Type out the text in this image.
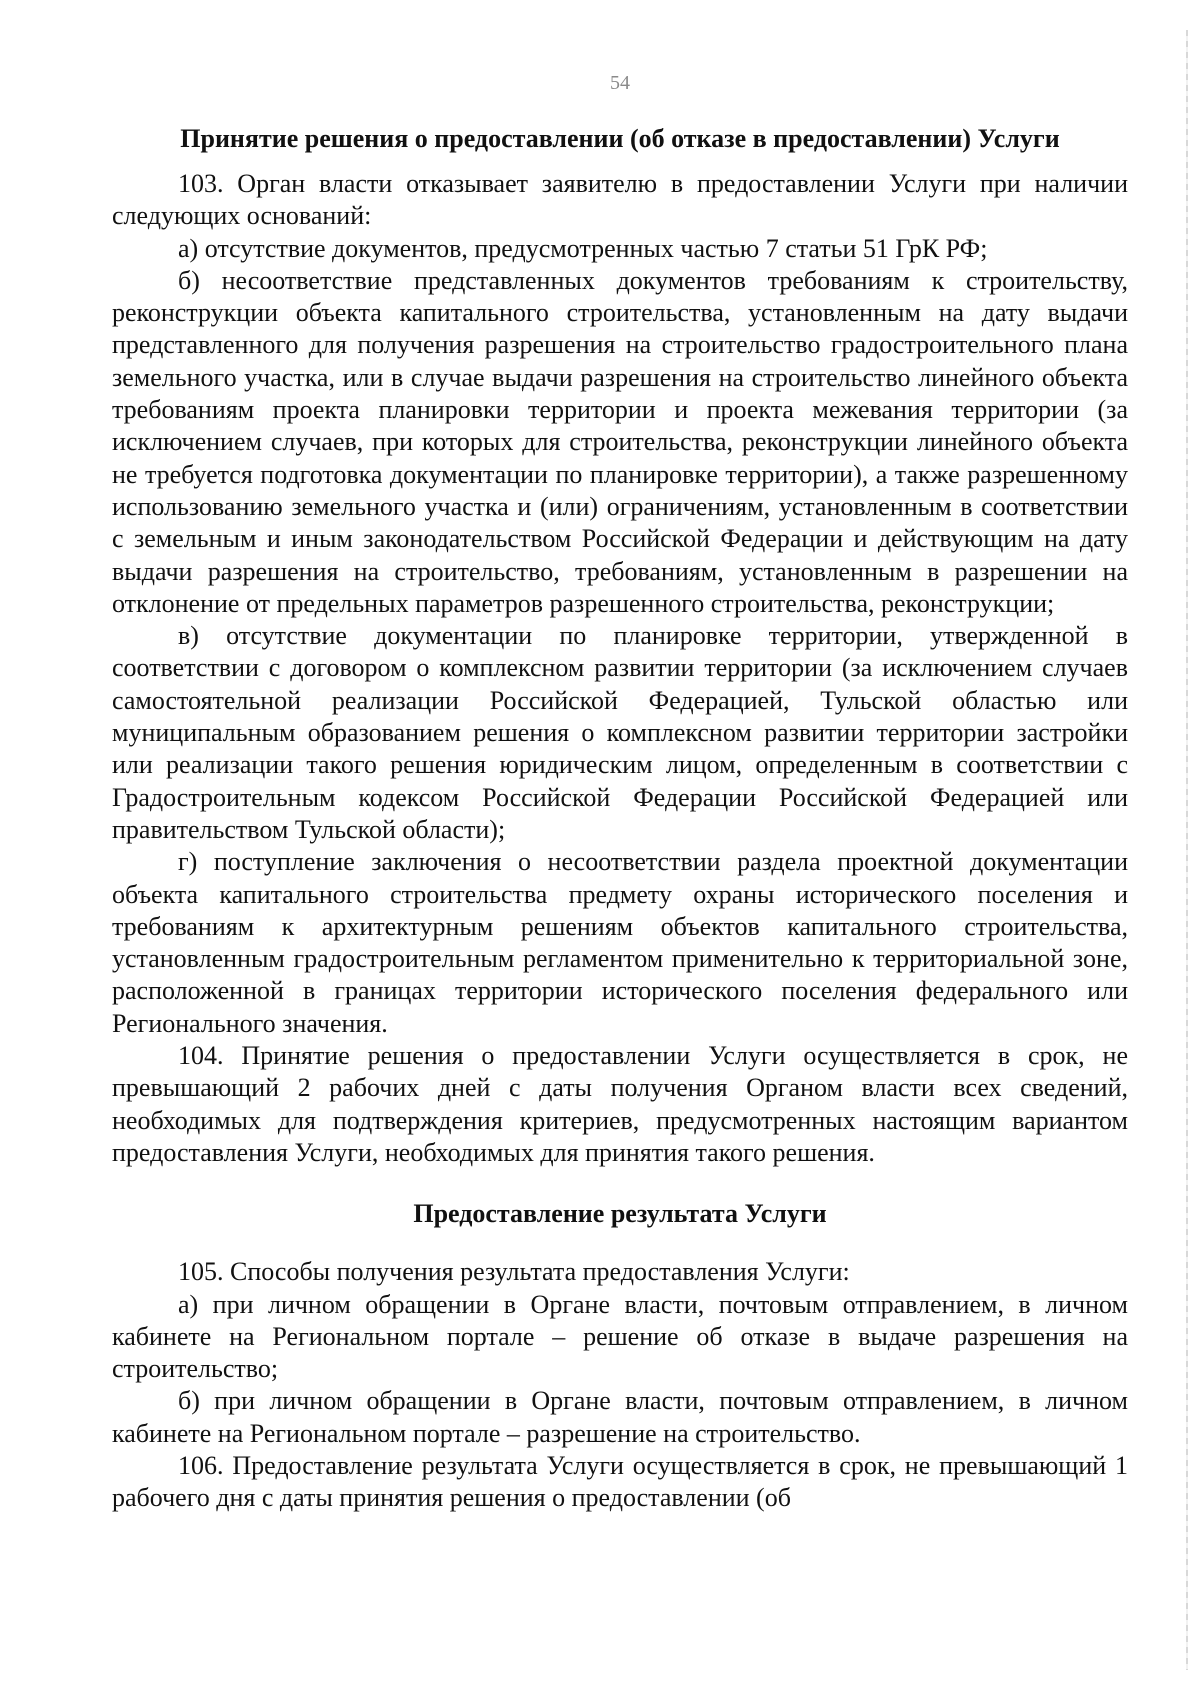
54
Принятие решения о предоставлении (об отказе в предоставлении) Услуги

103. Орган власти отказывает заявителю в предоставлении Услуги при наличии следующих оснований:

а) отсутствие документов, предусмотренных частью 7 статьи 51 ГрК РФ;

б) несоответствие представленных документов требованиям к строительству, реконструкции объекта капитального строительства, установленным на дату выдачи представленного для получения разрешения на строительство градостроительного плана земельного участка, или в случае выдачи разрешения на строительство линейного объекта требованиям проекта планировки территории и проекта межевания территории (за исключением случаев, при которых для строительства, реконструкции линейного объекта не требуется подготовка документации по планировке территории), а также разрешенному использованию земельного участка и (или) ограничениям, установленным в соответствии с земельным и иным законодательством Российской Федерации и действующим на дату выдачи разрешения на строительство, требованиям, установленным в разрешении на отклонение от предельных параметров разрешенного строительства, реконструкции;

в) отсутствие документации по планировке территории, утвержденной в соответствии с договором о комплексном развитии территории (за исключением случаев самостоятельной реализации Российской Федерацией, Тульской областью или муниципальным образованием решения о комплексном развитии территории застройки или реализации такого решения юридическим лицом, определенным в соответствии с Градостроительным кодексом Российской Федерации Российской Федерацией или правительством Тульской области);

г) поступление заключения о несоответствии раздела проектной документации объекта капитального строительства предмету охраны исторического поселения и требованиям к архитектурным решениям объектов капитального строительства, установленным градостроительным регламентом применительно к территориальной зоне, расположенной в границах территории исторического поселения федерального или Регионального значения.

104. Принятие решения о предоставлении Услуги осуществляется в срок, не превышающий 2 рабочих дней с даты получения Органом власти всех сведений, необходимых для подтверждения критериев, предусмотренных настоящим вариантом предоставления Услуги, необходимых для принятия такого решения.

Предоставление результата Услуги

105. Способы получения результата предоставления Услуги:

а) при личном обращении в Органе власти, почтовым отправлением, в личном кабинете на Региональном портале – решение об отказе в выдаче разрешения на строительство;

б) при личном обращении в Органе власти, почтовым отправлением, в личном кабинете на Региональном портале – разрешение на строительство.

106. Предоставление результата Услуги осуществляется в срок, не превышающий 1 рабочего дня с даты принятия решения о предоставлении (об
